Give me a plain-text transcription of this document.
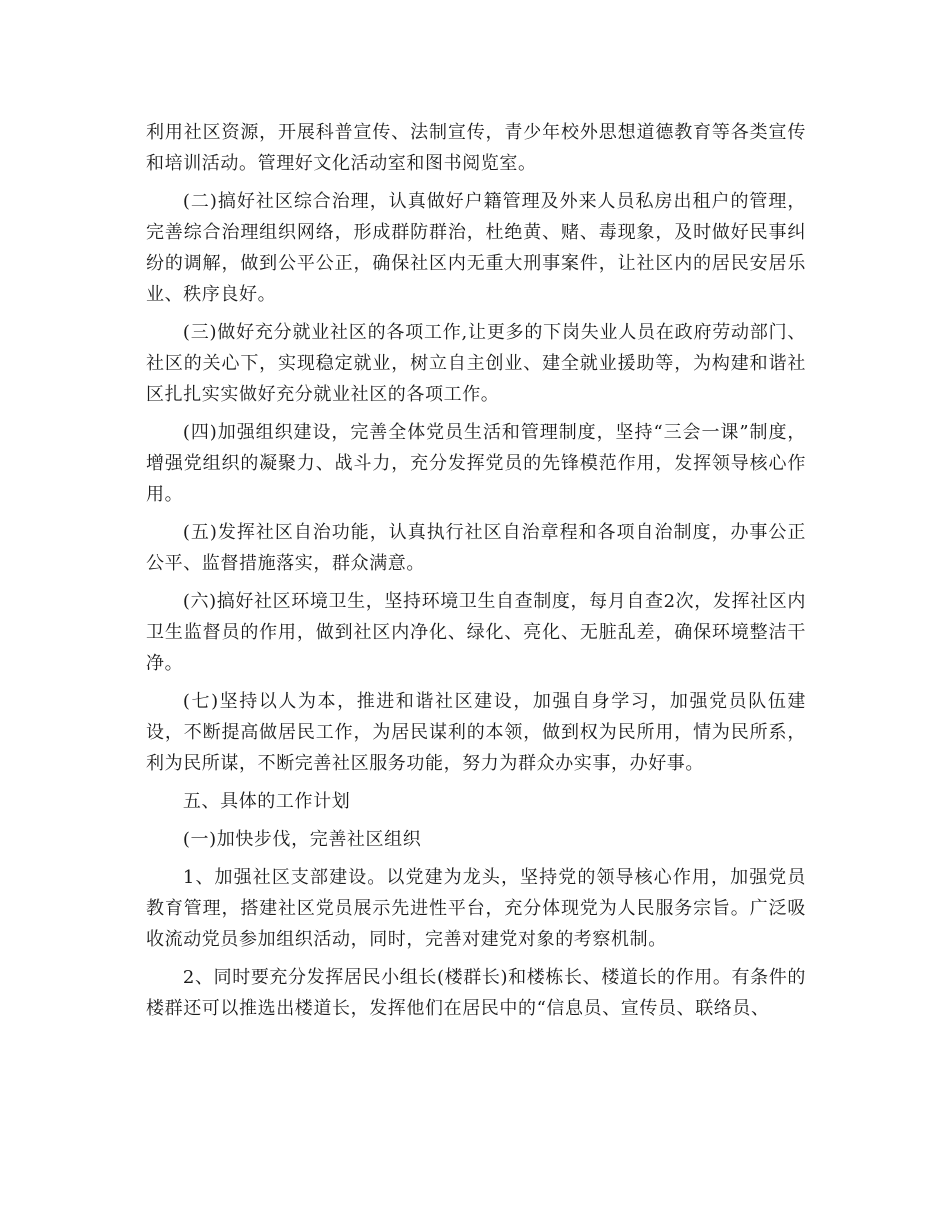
利用社区资源，开展科普宣传、法制宣传，青少年校外思想道德教育等各类宣传和培训活动。管理好文化活动室和图书阅览室。

(二)搞好社区综合治理，认真做好户籍管理及外来人员私房出租户的管理，完善综合治理组织网络，形成群防群治，杜绝黄、赌、毒现象，及时做好民事纠纷的调解，做到公平公正，确保社区内无重大刑事案件，让社区内的居民安居乐业、秩序良好。

(三)做好充分就业社区的各项工作,让更多的下岗失业人员在政府劳动部门、社区的关心下，实现稳定就业，树立自主创业、建全就业援助等，为构建和谐社区扎扎实实做好充分就业社区的各项工作。

(四)加强组织建设，完善全体党员生活和管理制度，坚持“三会一课”制度，增强党组织的凝聚力、战斗力，充分发挥党员的先锋模范作用，发挥领导核心作用。

(五)发挥社区自治功能，认真执行社区自治章程和各项自治制度，办事公正公平、监督措施落实，群众满意。

(六)搞好社区环境卫生，坚持环境卫生自查制度，每月自查2次，发挥社区内卫生监督员的作用，做到社区内净化、绿化、亮化、无脏乱差，确保环境整洁干净。

(七)坚持以人为本，推进和谐社区建设，加强自身学习，加强党员队伍建设，不断提高做居民工作，为居民谋利的本领，做到权为民所用，情为民所系，利为民所谋，不断完善社区服务功能，努力为群众办实事，办好事。

五、具体的工作计划

(一)加快步伐，完善社区组织

1、加强社区支部建设。以党建为龙头，坚持党的领导核心作用，加强党员教育管理，搭建社区党员展示先进性平台，充分体现党为人民服务宗旨。广泛吸收流动党员参加组织活动，同时，完善对建党对象的考察机制。

2、同时要充分发挥居民小组长(楼群长)和楼栋长、楼道长的作用。有条件的楼群还可以推选出楼道长，发挥他们在居民中的“信息员、宣传员、联络员、
